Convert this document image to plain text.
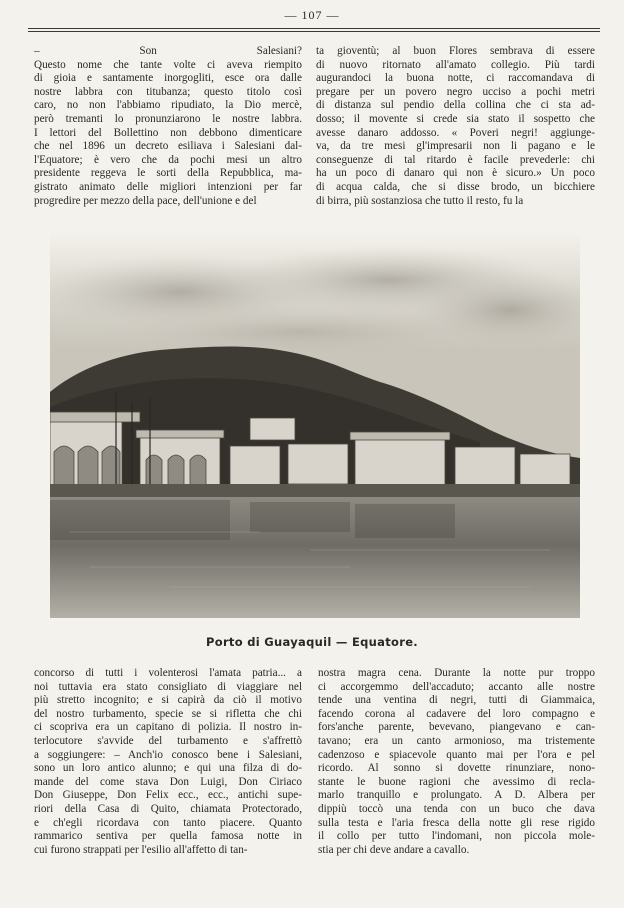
— 107 —
– Son Salesiani?
Questo nome che tante volte ci aveva riempito
di gioia e santamente inorgogliti, esce ora dalle
nostre labbra con titubanza; questo titolo così
caro, no non l'abbiamo ripudiato, la Dio mercè,
però tremanti lo pronunziarono le nostre labbra.
I lettori del Bollettino non debbono dimenticare
che nel 1896 un decreto esiliava i Salesiani dal-
l'Equatore; è vero che da pochi mesi un altro
presidente reggeva le sorti della Repubblica, ma-
gistrato animato delle migliori intenzioni per far
progredire per mezzo della pace, dell'unione e del
ta gioventù; al buon Flores sembrava di essere
di nuovo ritornato all'amato collegio. Più tardi
augurandoci la buona notte, ci raccomandava di
pregare per un povero negro ucciso a pochi metri
di distanza sul pendio della collina che ci sta ad-
dosso; il movente si crede sia stato il sospetto che
avesse danaro addosso. « Poveri negri! aggiunge-
va, da tre mesi gl'impresarii non li pagano e le
conseguenze di tal ritardo è facile prevederle: chi
ha un poco di danaro qui non è sicuro.» Un poco
di acqua calda, che si disse brodo, un bicchiere
di birra, più sostanziosa che tutto il resto, fu la
Porto di Guayaquil — Equatore.
concorso di tutti i volenterosi l'amata patria... a
noi tuttavia era stato consigliato di viaggiare nel
più stretto incognito; e si capirà da ciò il motivo
del nostro turbamento, specie se si rifletta che chi
ci scopriva era un capitano di polizia. Il nostro in-
terlocutore s'avvide del turbamento e s'affrettò
a soggiungere: – Anch'io conosco bene i Salesiani,
sono un loro antico alunno; e qui una filza di do-
mande del come stava Don Luigi, Don Ciriaco
Don Giuseppe, Don Felix ecc., ecc., antichi supe-
riori della Casa di Quito, chiamata Protectorado,
e ch'egli ricordava con tanto piacere. Quanto
rammarico sentiva per quella famosa notte in
cui furono strappati per l'esilio all'affetto di tan-
nostra magra cena. Durante la notte pur troppo
ci accorgemmo dell'accaduto; accanto alle nostre
tende una ventina di negri, tutti di Giammaica,
facendo corona al cadavere del loro compagno e
fors'anche parente, bevevano, piangevano e can-
tavano; era un canto armonioso, ma tristemente
cadenzoso e spiacevole quanto mai per l'ora e pel
ricordo. Al sonno si dovette rinunziare, nono-
stante le buone ragioni che avessimo di recla-
marlo tranquillo e prolungato. A D. Albera per
dippiù toccò una tenda con un buco che dava
sulla testa e l'aria fresca della notte gli rese rigido
il collo per tutto l'indomani, non piccola mole-
stia per chi deve andare a cavallo.
